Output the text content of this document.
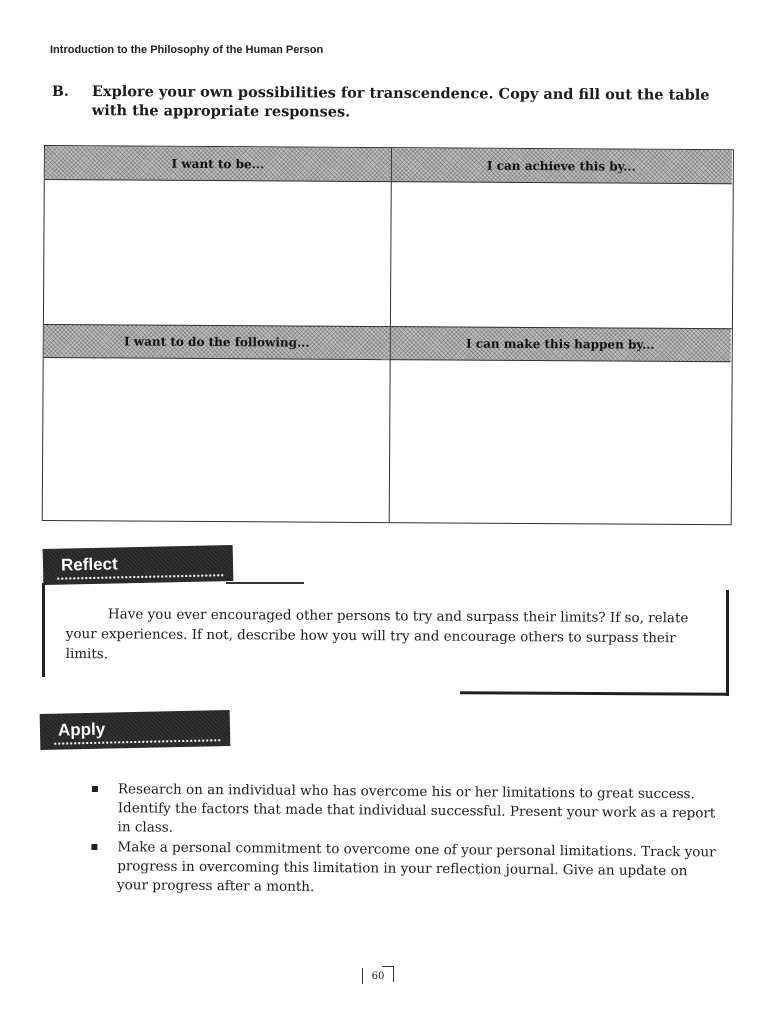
Introduction to the Philosophy of the Human Person
B. Explore your own possibilities for transcendence. Copy and fill out the table with the appropriate responses.
I want to be...	I can achieve this by...
I want to do the following...	I can make this happen by...
Reflect
Have you ever encouraged other persons to try and surpass their limits? If so, relate your experiences. If not, describe how you will try and encourage others to surpass their limits.
Apply
Research on an individual who has overcome his or her limitations to great success. Identify the factors that made that individual successful. Present your work as a report in class.
Make a personal commitment to overcome one of your personal limitations. Track your progress in overcoming this limitation in your reflection journal. Give an update on your progress after a month.
60
